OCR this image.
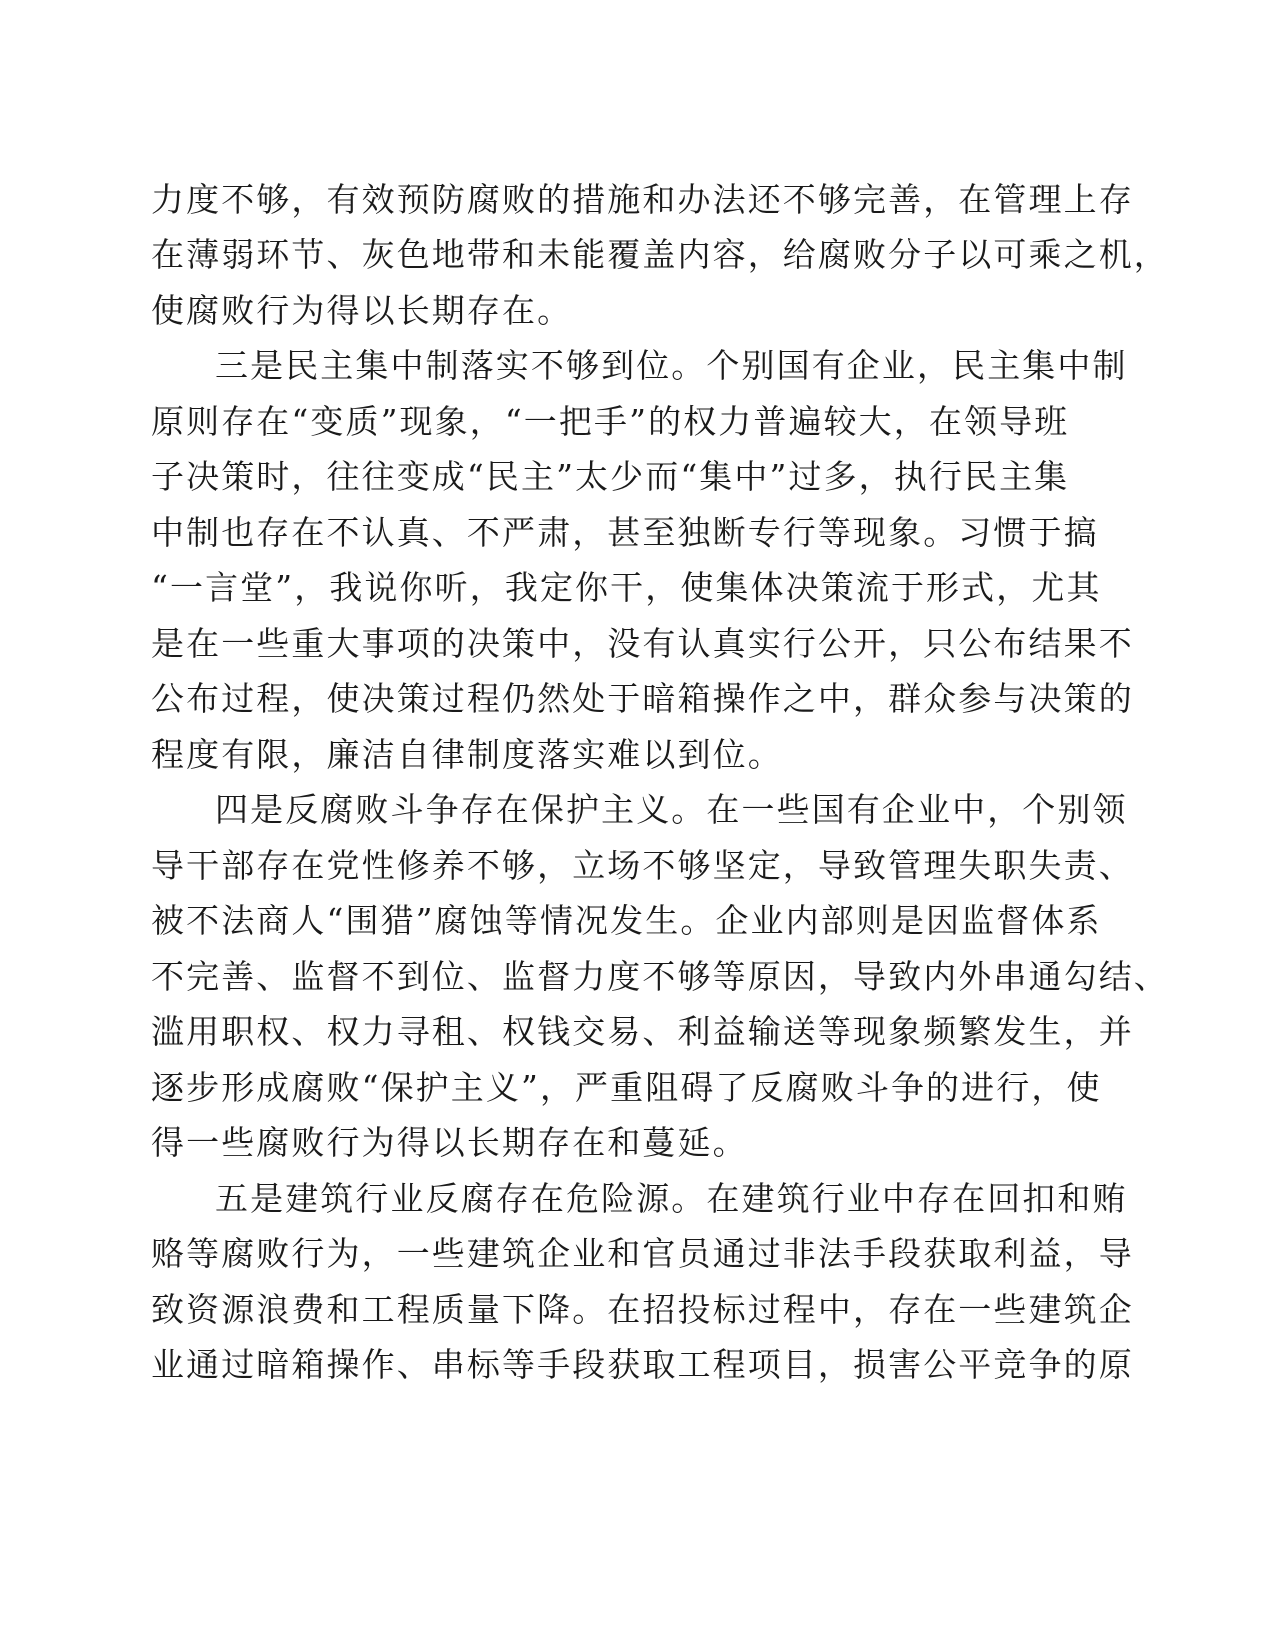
力度不够，有效预防腐败的措施和办法还不够完善，在管理上存
在薄弱环节、灰色地带和未能覆盖内容，给腐败分子以可乘之机，
使腐败行为得以长期存在。
三是民主集中制落实不够到位。个别国有企业，民主集中制
原则存在“变质”现象，“一把手”的权力普遍较大，在领导班
子决策时，往往变成“民主”太少而“集中”过多，执行民主集
中制也存在不认真、不严肃，甚至独断专行等现象。习惯于搞
“一言堂”，我说你听，我定你干，使集体决策流于形式，尤其
是在一些重大事项的决策中，没有认真实行公开，只公布结果不
公布过程，使决策过程仍然处于暗箱操作之中，群众参与决策的
程度有限，廉洁自律制度落实难以到位。
四是反腐败斗争存在保护主义。在一些国有企业中，个别领
导干部存在党性修养不够，立场不够坚定，导致管理失职失责、
被不法商人“围猎”腐蚀等情况发生。企业内部则是因监督体系
不完善、监督不到位、监督力度不够等原因，导致内外串通勾结、
滥用职权、权力寻租、权钱交易、利益输送等现象频繁发生，并
逐步形成腐败“保护主义”，严重阻碍了反腐败斗争的进行，使
得一些腐败行为得以长期存在和蔓延。
五是建筑行业反腐存在危险源。在建筑行业中存在回扣和贿
赂等腐败行为，一些建筑企业和官员通过非法手段获取利益，导
致资源浪费和工程质量下降。在招投标过程中，存在一些建筑企
业通过暗箱操作、串标等手段获取工程项目，损害公平竞争的原
